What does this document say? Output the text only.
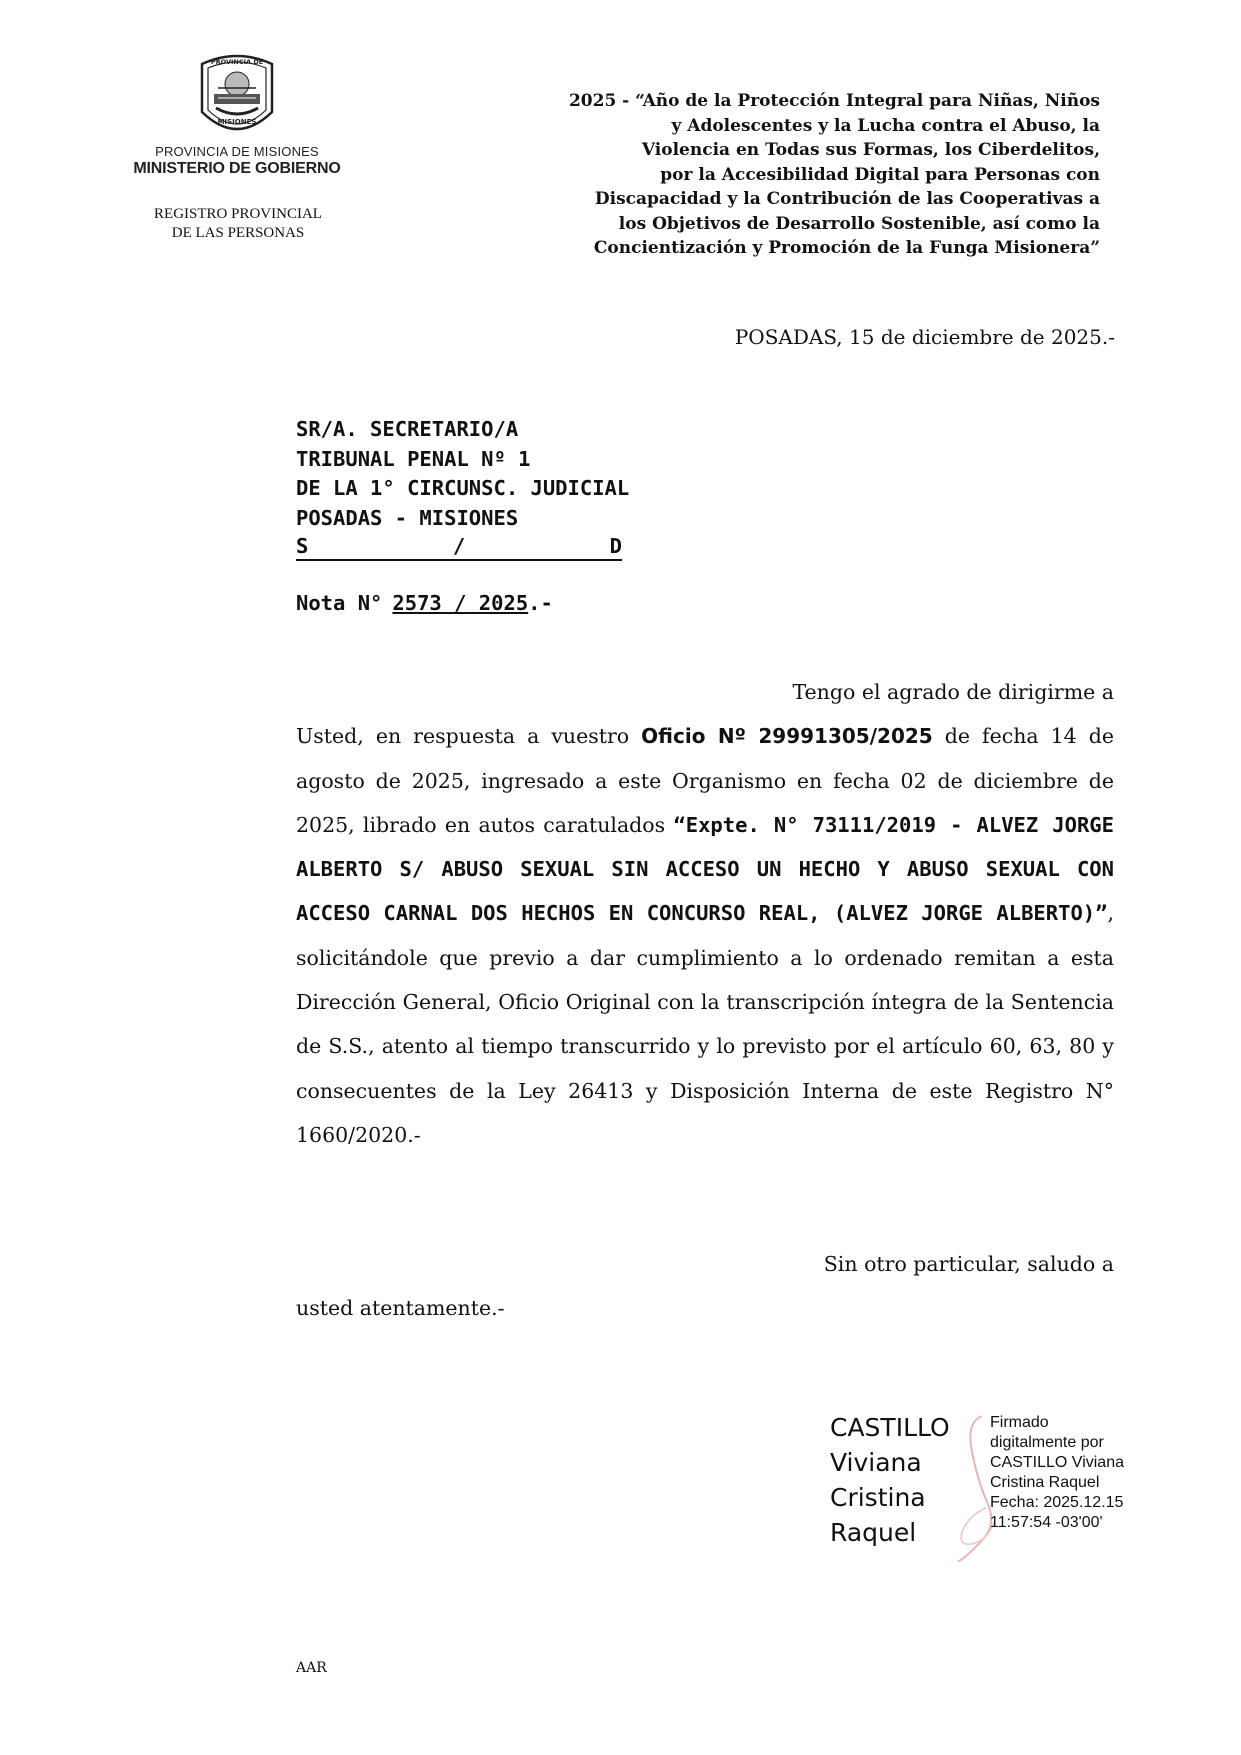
PROVINCIA DE
MISIONES
PROVINCIA DE MISIONES
MINISTERIO DE GOBIERNO
REGISTRO PROVINCIAL
DE LAS PERSONAS
2025 - “Año de la Protección Integral para Niñas, Niños
y Adolescentes y la Lucha contra el Abuso, la
Violencia en Todas sus Formas, los Ciberdelitos,
por la Accesibilidad Digital para Personas con
Discapacidad y la Contribución de las Cooperativas a
los Objetivos de Desarrollo Sostenible, así como la
Concientización y Promoción de la Funga Misionera”
POSADAS, 15 de diciembre de 2025.-
SR/A. SECRETARIO/A
TRIBUNAL PENAL Nº 1
DE LA 1° CIRCUNSC. JUDICIAL
POSADAS - MISIONES
S	/	D
Nota N° 2573 / 2025.-
Tengo el agrado de dirigirme a
Usted, en respuesta a vuestro Oficio Nº 29991305/2025 de fecha 14 de agosto de 2025, ingresado a este Organismo en fecha 02 de diciembre de 2025, librado en autos caratulados “Expte. N° 73111/2019 - ALVEZ JORGE ALBERTO S/ ABUSO SEXUAL SIN ACCESO UN HECHO Y ABUSO SEXUAL CON ACCESO CARNAL DOS HECHOS EN CONCURSO REAL, (ALVEZ JORGE ALBERTO)”, solicitándole que previo a dar cumplimiento a lo ordenado remitan a esta Dirección General, Oficio Original con la transcripción íntegra de la Sentencia de S.S., atento al tiempo transcurrido y lo previsto por el artículo 60, 63, 80 y consecuentes de la Ley 26413 y Disposición Interna de este Registro N° 1660/2020.-
Sin otro particular, saludo a
usted atentamente.-
CASTILLO
Viviana
Cristina
Raquel
Firmado
digitalmente por
CASTILLO Viviana
Cristina Raquel
Fecha: 2025.12.15
11:57:54 -03'00'
AAR
